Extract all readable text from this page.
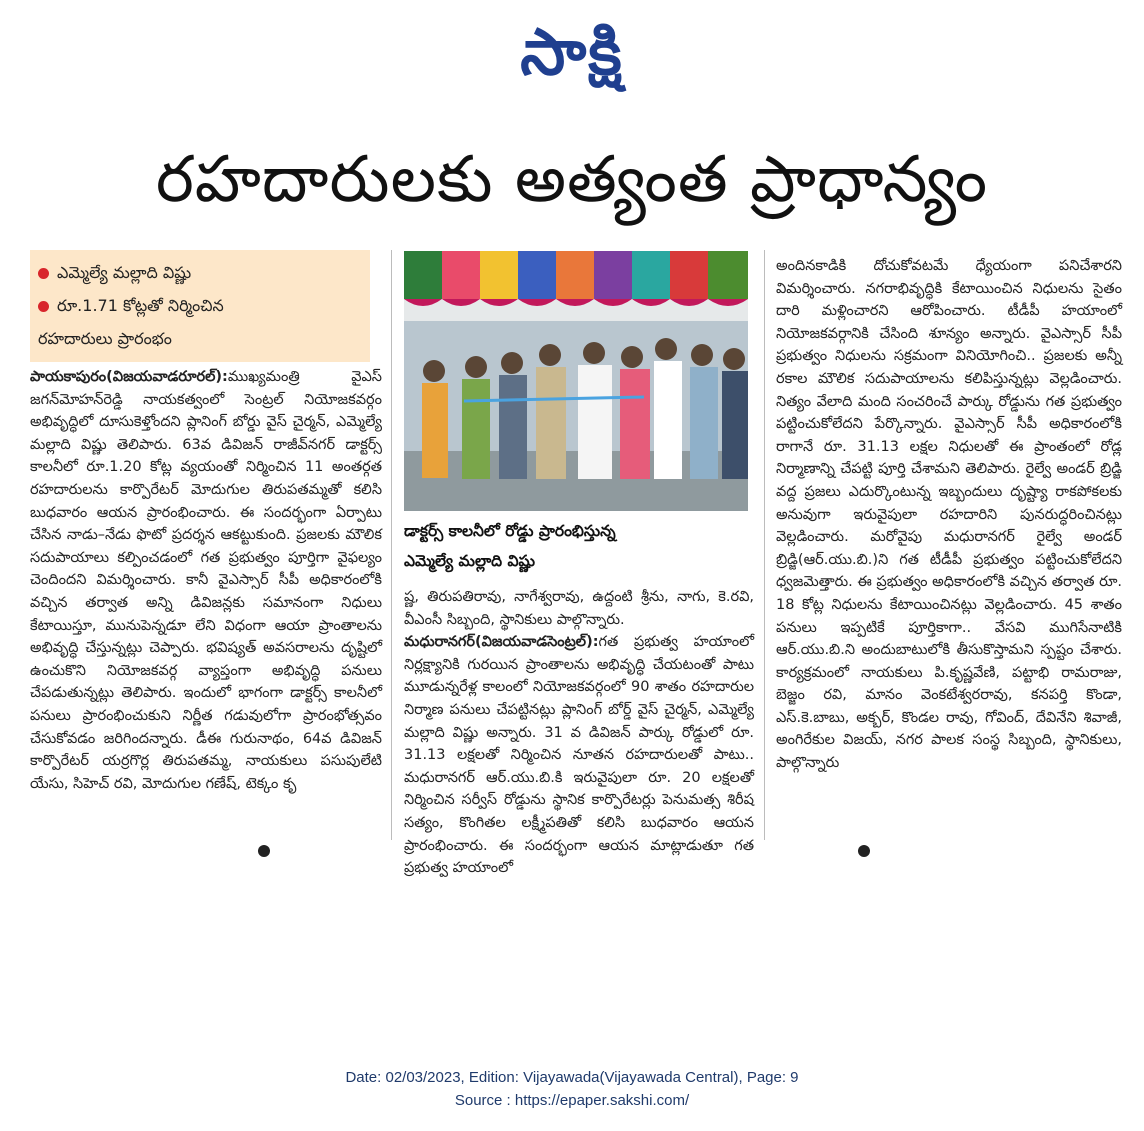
సాక్షి
రహదారులకు అత్యంత ప్రాధాన్యం
ఎమ్మెల్యే మల్లాది విష్ణు
రూ.1.71 కోట్లతో నిర్మించిన
రహదారులు ప్రారంభం

పాయకాపురం(విజయవాడరూరల్‌):ముఖ్యమంత్రి వైఎస్‌ జగన్‌మోహన్‌రెడ్డి నాయకత్వంలో సెంట్రల్‌ నియోజకవర్గం అభివృద్ధిలో దూసుకెళ్తోందని ప్లానింగ్‌ బోర్డు వైస్‌ చైర్మన్‌, ఎమ్మెల్యే మల్లాది విష్ణు తెలిపారు. 63వ డివిజన్‌ రాజీవ్‌నగర్‌ డాక్టర్స్‌ కాలనీలో రూ.1.20 కోట్ల వ్యయంతో నిర్మించిన 11 అంతర్గత రహదారులను కార్పొరేటర్‌ మోదుగుల తిరుపతమ్మతో కలిసి బుధవారం ఆయన ప్రారంభించారు. ఈ సందర్భంగా ఏర్పాటు చేసిన నాడు–నేడు ఫొటో ప్రదర్శన ఆకట్టుకుంది. ప్రజలకు మౌలిక సదుపాయాలు కల్పించడంలో గత ప్రభుత్వం పూర్తిగా వైఫల్యం చెందిందని విమర్శించారు. కానీ వైఎస్సార్‌ సీపీ అధికారంలోకి వచ్చిన తర్వాత అన్ని డివిజన్లకు సమానంగా నిధులు కేటాయిస్తూ, మునుపెన్నడూ లేని విధంగా ఆయా ప్రాంతాలను అభివృద్ధి చేస్తున్నట్లు చెప్పారు. భవిష్యత్‌ అవసరాలను దృష్టిలో ఉంచుకొని నియోజకవర్గ వ్యాప్తంగా అభివృద్ధి పనులు చేపడుతున్నట్లు తెలిపారు. ఇందులో భాగంగా డాక్టర్స్‌ కాలనీలో పనులు ప్రారంభించుకుని నిర్ణీత గడువులోగా ప్రారంభోత్సవం చేసుకోవడం జరిగిందన్నారు. డీఈ గురునాథం, 64వ డివిజన్‌ కార్పొరేటర్‌ యర్రగొర్ల తిరుపతమ్మ, నాయకులు పసుపులేటి యేసు, సిహెచ్‌ రవి, మోదుగుల గణేష్‌, టెక్కం కృ

డాక్టర్స్‌ కాలనీలో రోడ్డు ప్రారంభిస్తున్న
ఎమ్మెల్యే మల్లాది విష్ణు

ష్ణ, తిరుపతిరావు, నాగేశ్వరావు, ఉద్దంటి శ్రీను, నాగు, కె.రవి, వీఎంసీ సిబ్బంది, స్థానికులు పాల్గొన్నారు.

మధురానగర్‌(విజయవాడసెంట్రల్‌):గత ప్రభుత్వ హయాంలో నిర్లక్ష్యానికి గురయిన ప్రాంతాలను అభివృద్ధి చేయటంతో పాటు మూడున్నరేళ్ల కాలంలో నియోజకవర్గంలో 90 శాతం రహదారుల నిర్మాణ పనులు చేపట్టినట్లు ప్లానింగ్‌ బోర్డ్‌ వైస్‌ చైర్మన్‌, ఎమ్మెల్యే మల్లాది విష్ణు అన్నారు. 31 వ డివిజన్‌ పార్కు రోడ్డులో రూ. 31.13 లక్షలతో నిర్మించిన నూతన రహదారులతో పాటు.. మధురానగర్‌ ఆర్‌.యు.బి.కి ఇరువైపులా రూ. 20 లక్షలతో నిర్మించిన సర్వీస్‌ రోడ్డును స్థానిక కార్పొరేటర్లు పెనుమత్స శిరీష సత్యం, కొంగితల లక్ష్మీపతితో కలిసి బుధవారం ఆయన ప్రారంభించారు. ఈ సందర్భంగా ఆయన మాట్లాడుతూ గత ప్రభుత్వ హయాంలో

అందినకాడికి దోచుకోవటమే ధ్యేయంగా పనిచేశారని విమర్శించారు. నగరాభివృద్ధికి కేటాయించిన నిధులను సైతం దారి మళ్లించారని ఆరోపించారు. టీడీపీ హయాంలో నియోజకవర్గానికి చేసింది శూన్యం అన్నారు. వైఎస్సార్‌ సీపీ ప్రభుత్వం నిధులను సక్రమంగా వినియోగించి.. ప్రజలకు అన్నీ రకాల మౌలిక సదుపాయాలను కలిపిస్తున్నట్లు వెల్లడించారు. నిత్యం వేలాది మంది సంచరించే పార్కు రోడ్డును గత ప్రభుత్వం పట్టించుకోలేదని పేర్కొన్నారు. వైఎస్సార్‌ సీపీ అధికారంలోకి రాగానే రూ. 31.13 లక్షల నిధులతో ఈ ప్రాంతంలో రోడ్ల నిర్మాణాన్ని చేపట్టి పూర్తి చేశామని తెలిపారు. రైల్వే అండర్‌ బ్రిడ్జి వద్ద ప్రజలు ఎదుర్కొంటున్న ఇబ్బందులు దృష్ట్యా రాకపోకలకు అనువుగా ఇరువైపులా రహదారిని పునరుద్ధరించినట్లు వెల్లడించారు. మరోవైపు మధురానగర్‌ రైల్వే అండర్‌ బ్రిడ్జి(ఆర్‌.యు.బి.)ని గత టీడీపీ ప్రభుత్వం పట్టించుకోలేదని ధ్వజమెత్తారు. ఈ ప్రభుత్వం అధికారంలోకి వచ్చిన తర్వాత రూ. 18 కోట్ల నిధులను కేటాయించినట్లు వెల్లడించారు. 45 శాతం పనులు ఇప్పటికే పూర్తికాగా.. వేసవి ముగిసేనాటికి ఆర్‌.యు.బి.ని అందుబాటులోకి తీసుకొస్తామని స్పష్టం చేశారు. కార్యక్రమంలో నాయకులు పి.కృష్ణవేణి, పట్టాభి రామరాజు, బెజ్జం రవి, మానం వెంకటేశ్వరరావు, కనపర్తి కొండా, ఎస్‌.కె.బాబు, అక్బర్‌, కొండల రావు, గోవింద్‌, దేవినేని శివాజీ, అంగిరేకుల విజయ్‌, నగర పాలక సంస్థ సిబ్బంది, స్థానికులు, పాల్గొన్నారు

Date: 02/03/2023, Edition: Vijayawada(Vijayawada Central), Page: 9
Source : https://epaper.sakshi.com/
